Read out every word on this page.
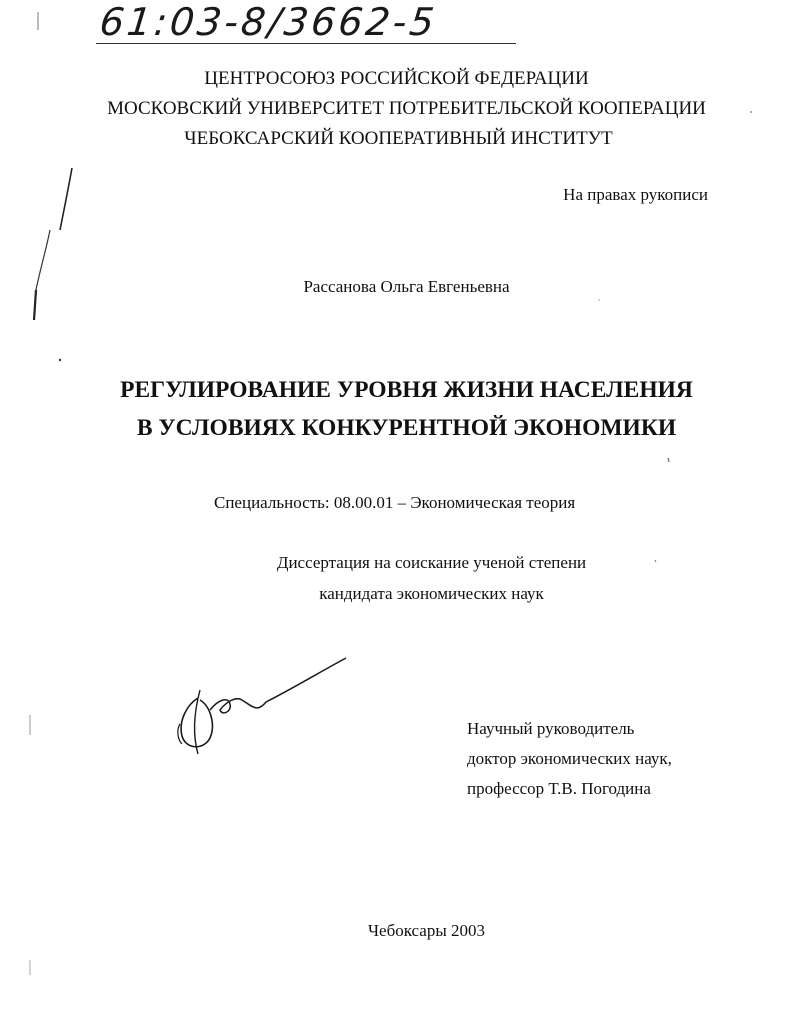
61:03-8/3662-5
ЦЕНТРОСОЮЗ РОССИЙСКОЙ ФЕДЕРАЦИИ
МОСКОВСКИЙ УНИВЕРСИТЕТ ПОТРЕБИТЕЛЬСКОЙ КООПЕРАЦИИ
ЧЕБОКСАРСКИЙ КООПЕРАТИВНЫЙ ИНСТИТУТ
На правах рукописи
Рассанова Ольга Евгеньевна
РЕГУЛИРОВАНИЕ УРОВНЯ ЖИЗНИ НАСЕЛЕНИЯ
В УСЛОВИЯХ КОНКУРЕНТНОЙ ЭКОНОМИКИ
Специальность: 08.00.01 – Экономическая теория
Диссертация на соискание ученой степени
кандидата экономических наук
Научный руководитель
доктор экономических наук,
профессор Т.В. Погодина
Чебоксары 2003
